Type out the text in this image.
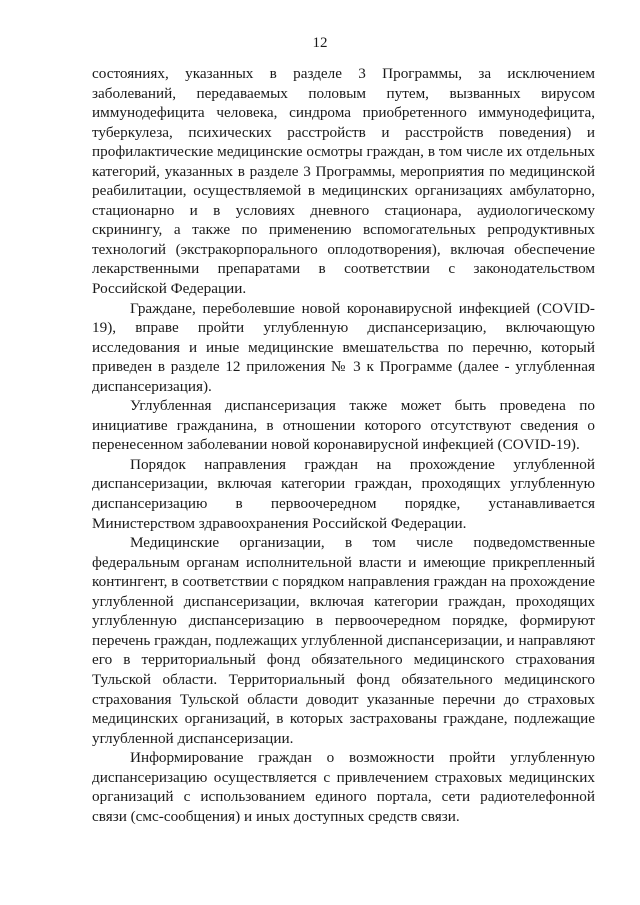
12

состояниях, указанных в разделе 3 Программы, за исключением заболеваний, передаваемых половым путем, вызванных вирусом иммунодефицита человека, синдрома приобретенного иммунодефицита, туберкулеза, психических расстройств и расстройств поведения) и профилактические медицинские осмотры граждан, в том числе их отдельных категорий, указанных в разделе 3 Программы, мероприятия по медицинской реабилитации, осуществляемой в медицинских организациях амбулаторно, стационарно и в условиях дневного стационара, аудиологическому скринингу, а также по применению вспомогательных репродуктивных технологий (экстракорпорального оплодотворения), включая обеспечение лекарственными препаратами в соответствии с законодательством Российской Федерации.

Граждане, переболевшие новой коронавирусной инфекцией (COVID-19), вправе пройти углубленную диспансеризацию, включающую исследования и иные медицинские вмешательства по перечню, который приведен в разделе 12 приложения № 3 к Программе (далее - углубленная диспансеризация).

Углубленная диспансеризация также может быть проведена по инициативе гражданина, в отношении которого отсутствуют сведения о перенесенном заболевании новой коронавирусной инфекцией (COVID-19).

Порядок направления граждан на прохождение углубленной диспансеризации, включая категории граждан, проходящих углубленную диспансеризацию в первоочередном порядке, устанавливается Министерством здравоохранения Российской Федерации.

Медицинские организации, в том числе подведомственные федеральным органам исполнительной власти и имеющие прикрепленный контингент, в соответствии с порядком направления граждан на прохождение углубленной диспансеризации, включая категории граждан, проходящих углубленную диспансеризацию в первоочередном порядке, формируют перечень граждан, подлежащих углубленной диспансеризации, и направляют его в территориальный фонд обязательного медицинского страхования Тульской области. Территориальный фонд обязательного медицинского страхования Тульской области доводит указанные перечни до страховых медицинских организаций, в которых застрахованы граждане, подлежащие углубленной диспансеризации.

Информирование граждан о возможности пройти углубленную диспансеризацию осуществляется с привлечением страховых медицинских организаций с использованием единого портала, сети радиотелефонной связи (смс-сообщения) и иных доступных средств связи.
